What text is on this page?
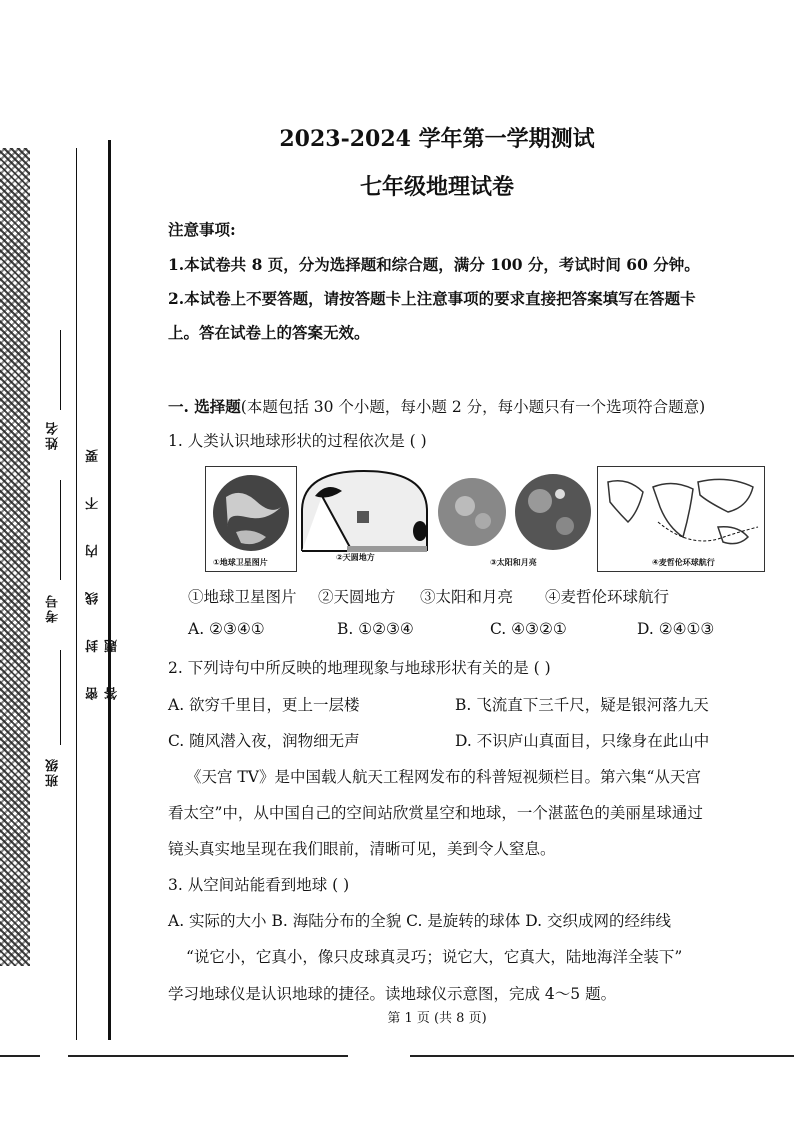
姓名
考号
班级
密 封 线 内 不 要 答 题
2023-2024 学年第一学期测试
七年级地理试卷
注意事项:
1.本试卷共 8 页，分为选择题和综合题，满分 100 分，考试时间 60 分钟。
2.本试卷上不要答题，请按答题卡上注意事项的要求直接把答案填写在答题卡
上。答在试卷上的答案无效。
一. 选择题(本题包括 30 个小题，每小题 2 分，每小题只有一个选项符合题意)
1. 人类认识地球形状的过程依次是 ( )
①地球卫星图片
②天圆地方
③太阳和月亮	④麦哲伦环球航行
①地球卫星图片 ②天圆地方 ③太阳和月亮 ④麦哲伦环球航行
A. ②③④①	B. ①②③④	C. ④③②①	D. ②④①③
2. 下列诗句中所反映的地理现象与地球形状有关的是 ( )
A. 欲穷千里目，更上一层楼	B. 飞流直下三千尺，疑是银河落九天
C. 随风潜入夜，润物细无声	D. 不识庐山真面目，只缘身在此山中
《天宫 TV》是中国载人航天工程网发布的科普短视频栏目。第六集“从天宫
看太空”中，从中国自己的空间站欣赏星空和地球，一个湛蓝色的美丽星球通过
镜头真实地呈现在我们眼前，清晰可见，美到令人窒息。
3. 从空间站能看到地球 ( )
A. 实际的大小 B. 海陆分布的全貌 C. 是旋转的球体 D. 交织成网的经纬线
“说它小，它真小，像只皮球真灵巧；说它大，它真大，陆地海洋全装下”
学习地球仪是认识地球的捷径。读地球仪示意图，完成 4～5 题。
第 1 页 (共 8 页)
